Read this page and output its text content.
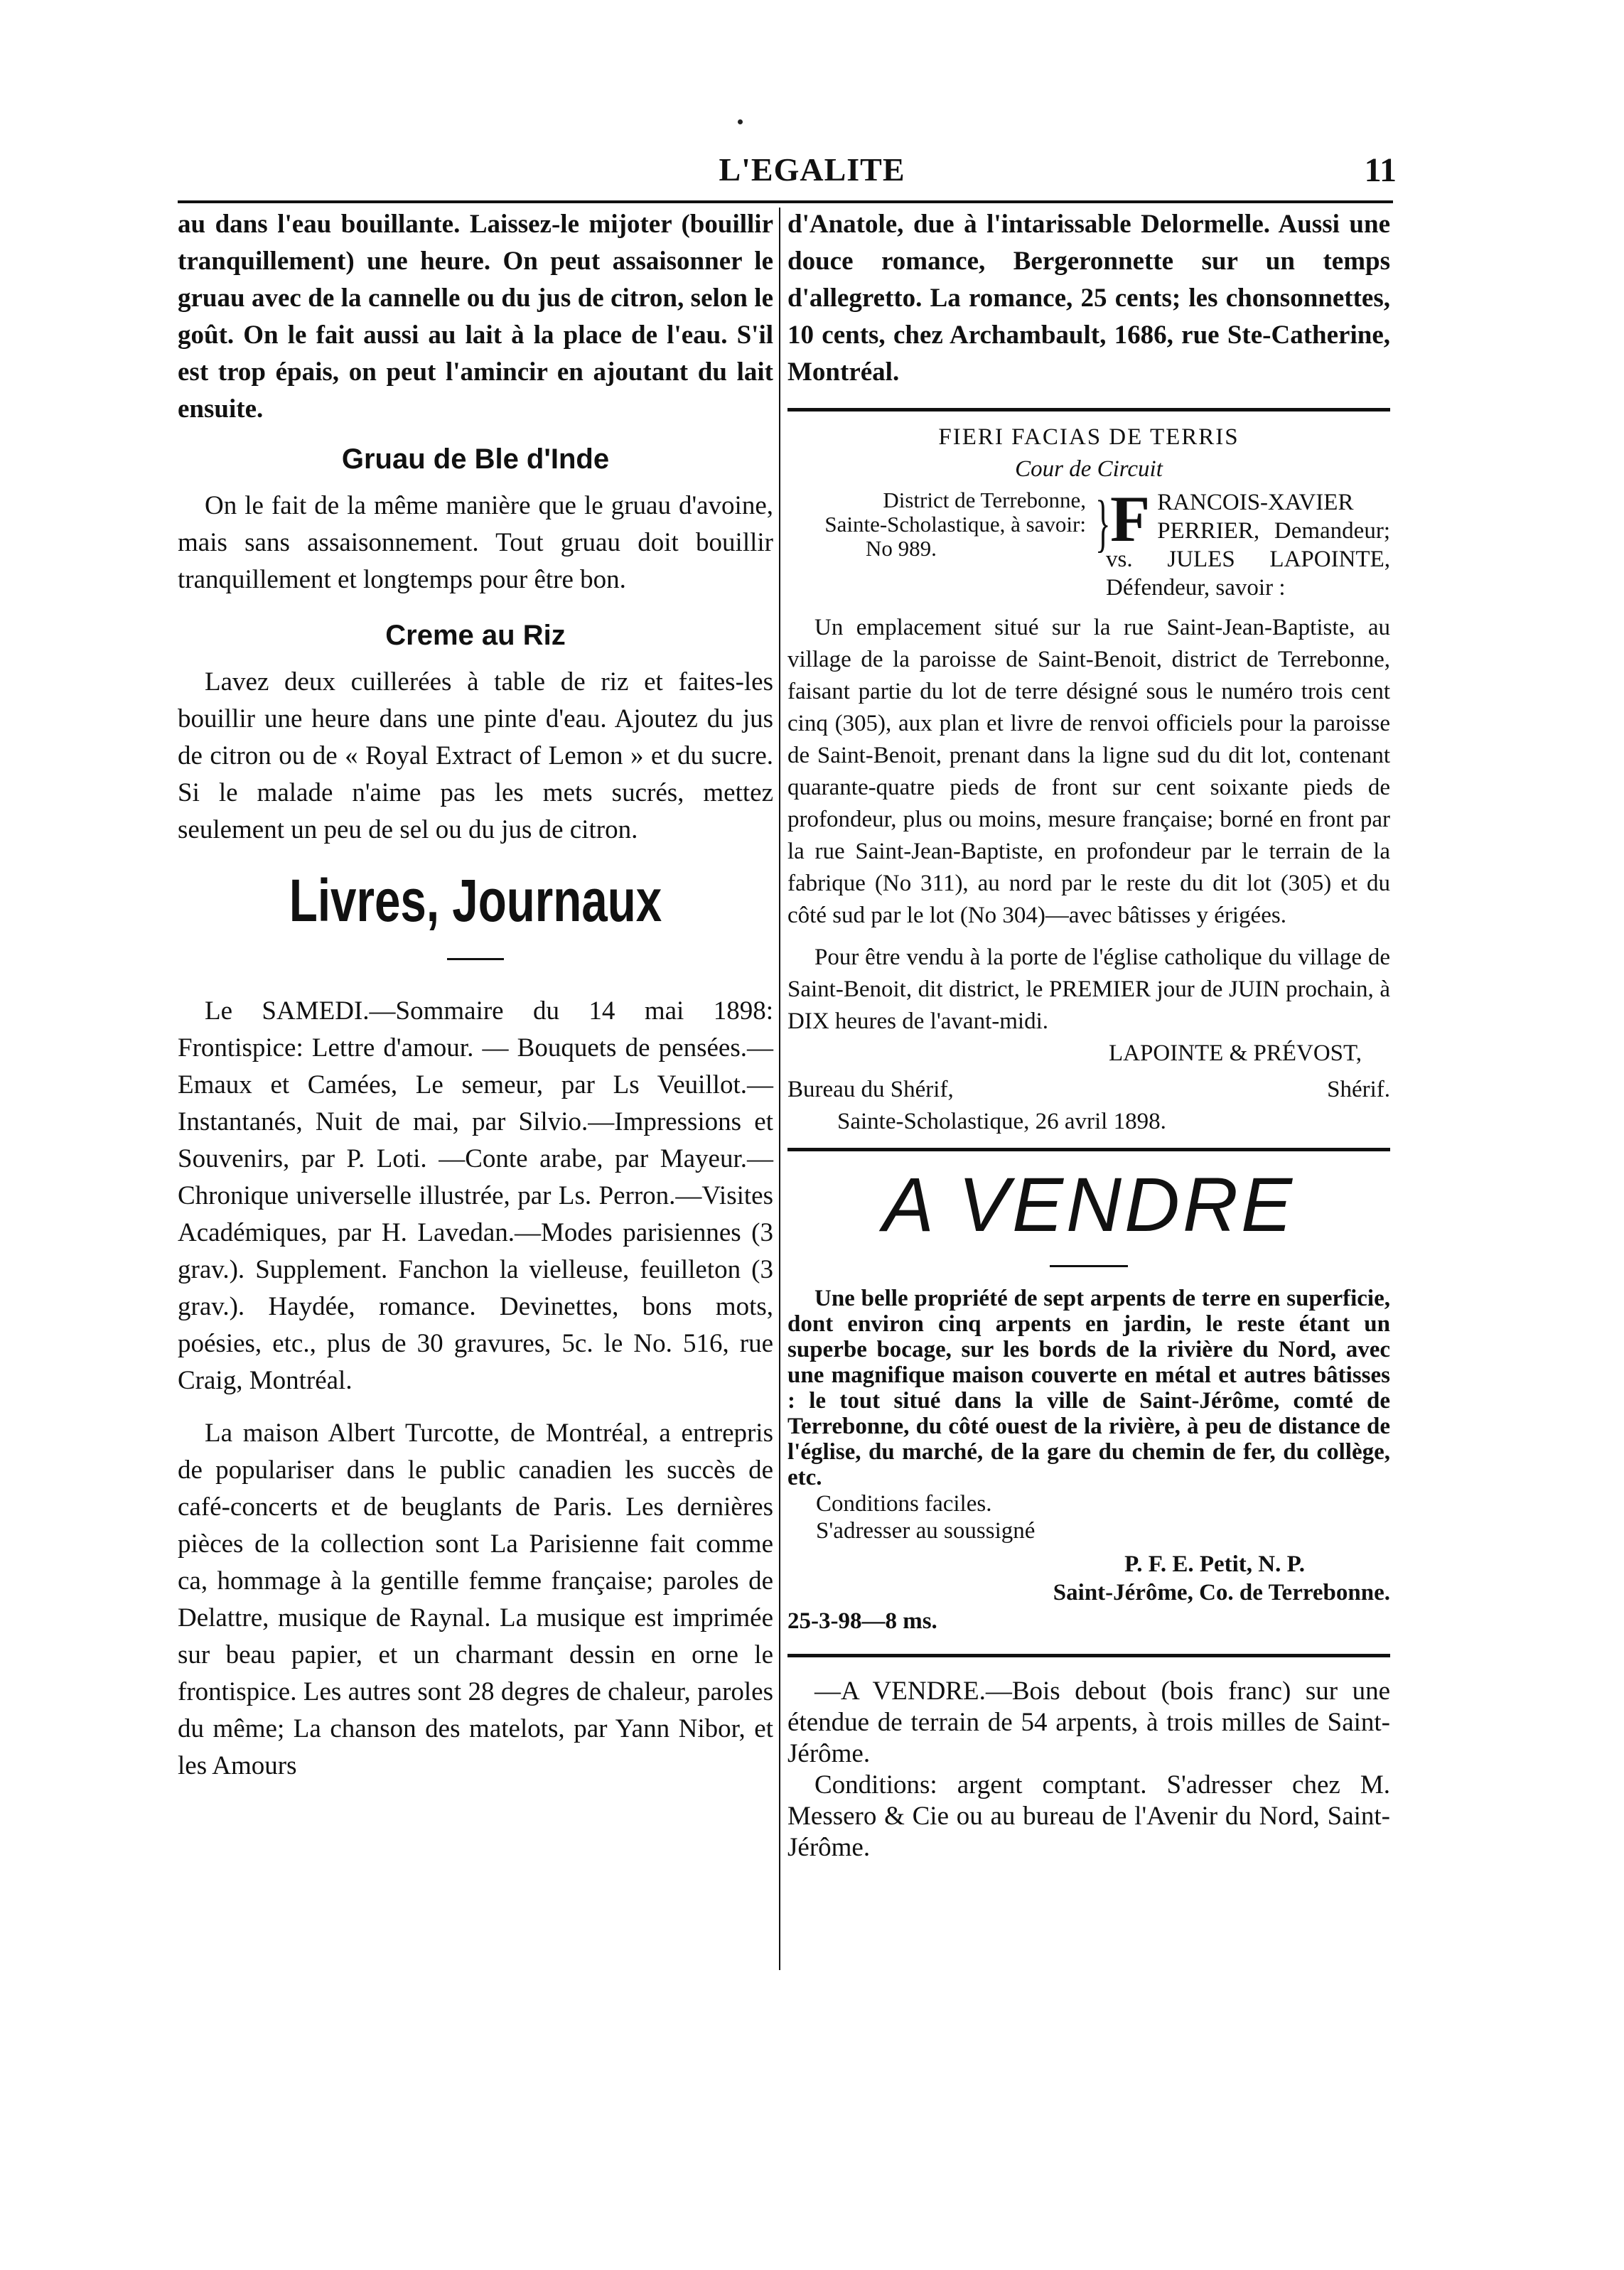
L'EGALITE	11

au dans l'eau bouillante. Laissez-le mijoter (bouillir tranquillement) une heure. On peut assaisonner le gruau avec de la cannelle ou du jus de citron, selon le goût. On le fait aussi au lait à la place de l'eau. S'il est trop épais, on peut l'amincir en ajoutant du lait ensuite.

Gruau de Ble d'Inde

On le fait de la même manière que le gruau d'avoine, mais sans assaisonnement. Tout gruau doit bouillir tranquillement et longtemps pour être bon.

Creme au Riz

Lavez deux cuillerées à table de riz et faites-les bouillir une heure dans une pinte d'eau. Ajoutez du jus de citron ou de « Royal Extract of Lemon » et du sucre. Si le malade n'aime pas les mets sucrés, mettez seulement un peu de sel ou du jus de citron.

Livres, Journaux

Le SAMEDI.—Sommaire du 14 mai 1898: Frontispice: Lettre d'amour. — Bouquets de pensées.—Emaux et Camées, Le semeur, par Ls Veuillot.—Instantanés, Nuit de mai, par Silvio.—Impressions et Souvenirs, par P. Loti. —Conte arabe, par Mayeur.—Chronique universelle illustrée, par Ls. Perron.—Visites Académiques, par H. Lavedan.—Modes parisiennes (3 grav.). Supplement. Fanchon la vielleuse, feuilleton (3 grav.). Haydée, romance. Devinettes, bons mots, poésies, etc., plus de 30 gravures, 5c. le No. 516, rue Craig, Montréal.

La maison Albert Turcotte, de Montréal, a entrepris de populariser dans le public canadien les succès de café-concerts et de beuglants de Paris. Les dernières pièces de la collection sont La Parisienne fait comme ca, hommage à la gentille femme française; paroles de Delattre, musique de Raynal. La musique est imprimée sur beau papier, et un charmant dessin en orne le frontispice. Les autres sont 28 degres de chaleur, paroles du même; La chanson des matelots, par Yann Nibor, et les Amours

d'Anatole, due à l'intarissable Delormelle. Aussi une douce romance, Bergeronnette sur un temps d'allegretto. La romance, 25 cents; les chonsonnettes, 10 cents, chez Archambault, 1686, rue Ste-Catherine, Montréal.

FIERI FACIAS DE TERRIS

Cour de Circuit

District de Terrebonne,
Sainte-Scholastique, à savoir:
No 989.	} F RANCOIS-XAVIER PERRIER, Demandeur; vs. JULES LAPOINTE, Défendeur, savoir :

Un emplacement situé sur la rue Saint-Jean-Baptiste, au village de la paroisse de Saint-Benoit, district de Terrebonne, faisant partie du lot de terre désigné sous le numéro trois cent cinq (305), aux plan et livre de renvoi officiels pour la paroisse de Saint-Benoit, prenant dans la ligne sud du dit lot, contenant quarante-quatre pieds de front sur cent soixante pieds de profondeur, plus ou moins, mesure française; borné en front par la rue Saint-Jean-Baptiste, en profondeur par le terrain de la fabrique (No 311), au nord par le reste du dit lot (305) et du côté sud par le lot (No 304)—avec bâtisses y érigées.

Pour être vendu à la porte de l'église catholique du village de Saint-Benoit, dit district, le PREMIER jour de JUIN prochain, à DIX heures de l'avant-midi.

LAPOINTE & PRÉVOST,

Bureau du Shérif,	Shérif.

Sainte-Scholastique, 26 avril 1898.

A VENDRE

Une belle propriété de sept arpents de terre en superficie, dont environ cinq arpents en jardin, le reste étant un superbe bocage, sur les bords de la rivière du Nord, avec une magnifique maison couverte en métal et autres bâtisses : le tout situé dans la ville de Saint-Jérôme, comté de Terrebonne, du côté ouest de la rivière, à peu de distance de l'église, du marché, de la gare du chemin de fer, du collège, etc.

Conditions faciles.

S'adresser au soussigné

P. F. E. Petit, N. P.

Saint-Jérôme, Co. de Terrebonne.

25-3-98—8 ms.

—A VENDRE.—Bois debout (bois franc) sur une étendue de terrain de 54 arpents, à trois milles de Saint-Jérôme.

Conditions: argent comptant. S'adresser chez M. Messero & Cie ou au bureau de l'Avenir du Nord, Saint-Jérôme.
